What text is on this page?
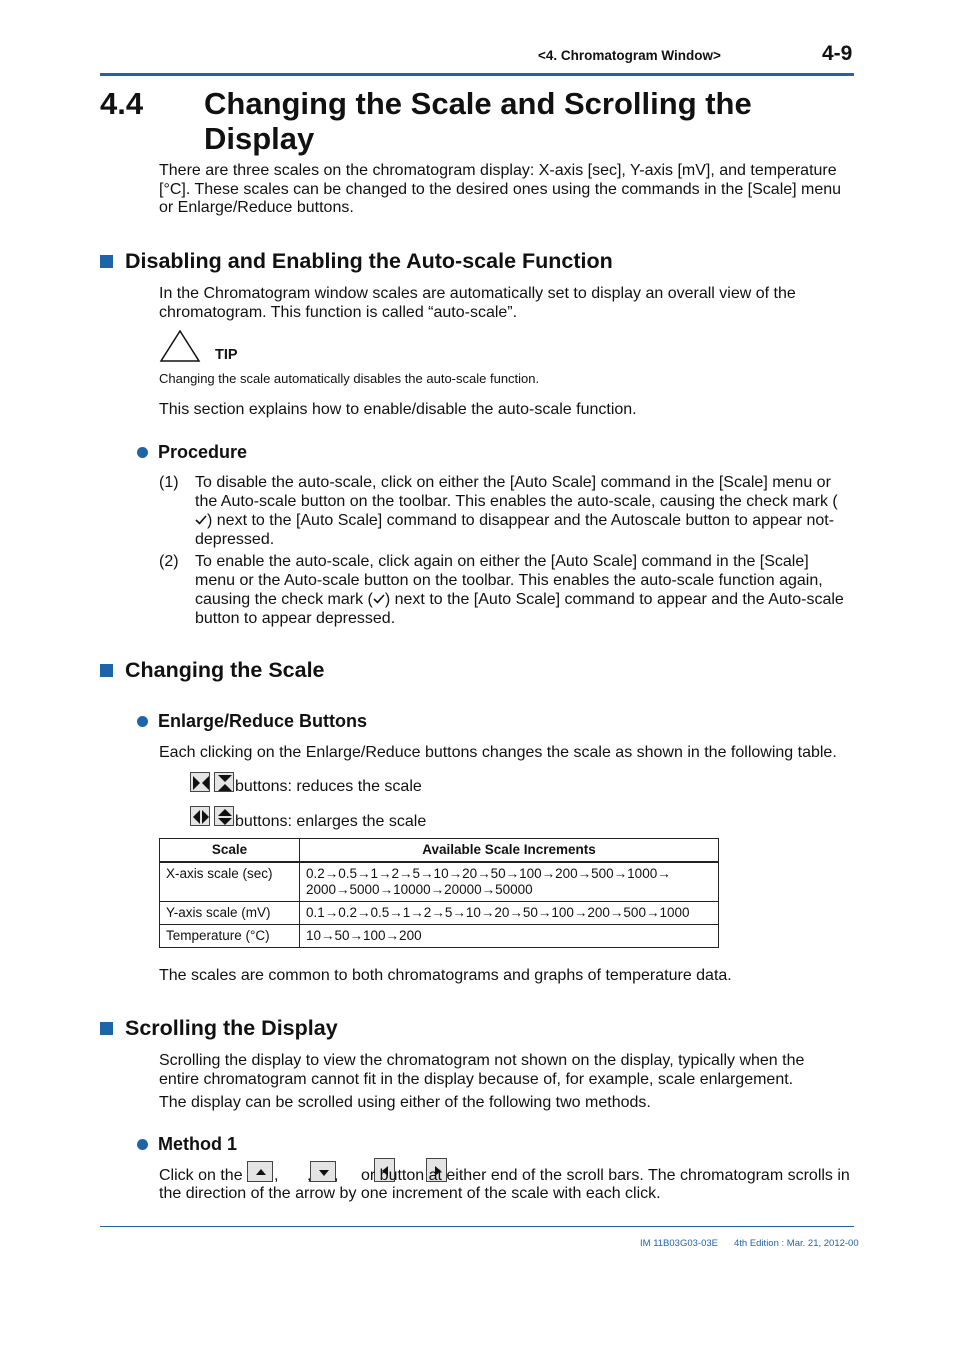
<4. Chromatogram Window>	4-9
4.4 Changing the Scale and Scrolling the Display
There are three scales on the chromatogram display: X-axis [sec], Y-axis [mV], and temperature [°C]. These scales can be changed to the desired ones using the commands in the [Scale] menu or Enlarge/Reduce buttons.
Disabling and Enabling the Auto-scale Function
In the Chromatogram window scales are automatically set to display an overall view of the chromatogram. This function is called “auto-scale”.
TIP
Changing the scale automatically disables the auto-scale function.
This section explains how to enable/disable the auto-scale function.
Procedure
(1) To disable the auto-scale, click on either the [Auto Scale] command in the [Scale] menu or
the Auto-scale button on the toolbar. This enables the auto-scale, causing the check mark (
) next to the [Auto Scale] command to disappear and the Autoscale button to appear not-
depressed.
(2) To enable the auto-scale, click again on either the [Auto Scale] command in the [Scale]
menu or the Auto-scale button on the toolbar. This enables the auto-scale function again,
causing the check mark ( ) next to the [Auto Scale] command to appear and the Auto-scale
button to appear depressed.
Changing the Scale
Enlarge/Reduce Buttons
Each clicking on the Enlarge/Reduce buttons changes the scale as shown in the following table.
buttons: reduces the scale
buttons: enlarges the scale
Scale	Available Scale Increments
X-axis scale (sec)	0.2→0.5→1→2→5→10→20→50→100→200→500→1000→
2000→5000→10000→20000→50000

Y-axis scale (mV)	0.1→0.2→0.5→1→2→5→10→20→50→100→200→500→1000
Temperature (°C)	10→50→100→200
The scales are common to both chromatograms and graphs of temperature data.
Scrolling the Display
Scrolling the display to view the chromatogram not shown on the display, typically when the entire chromatogram cannot fit in the display because of, for example, scale enlargement.
The display can be scrolled using either of the following two methods.
Method 1
Click on the
,
,
, or button at either end of the scroll bars. The chromatogram scrolls in
the direction of the arrow by one increment of the scale with each click.
IM 11B03G03-03E 4th Edition : Mar. 21, 2012-00
